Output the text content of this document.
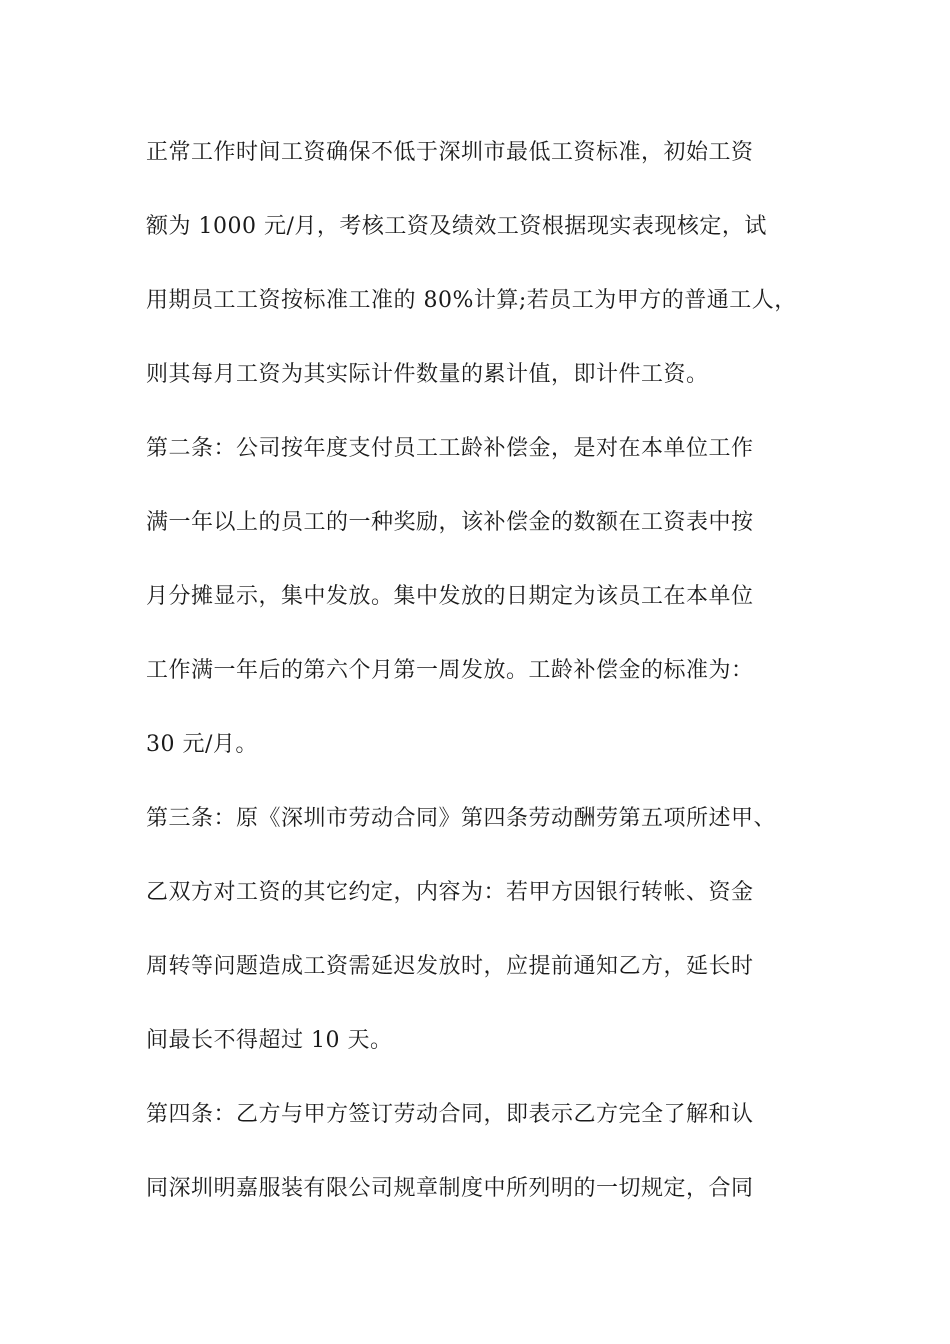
正常工作时间工资确保不低于深圳市最低工资标准，初始工资
额为 1000 元/月，考核工资及绩效工资根据现实表现核定，试
用期员工工资按标准工准的 80%计算;若员工为甲方的普通工人，
则其每月工资为其实际计件数量的累计值，即计件工资。
第二条：公司按年度支付员工工龄补偿金，是对在本单位工作
满一年以上的员工的一种奖励，该补偿金的数额在工资表中按
月分摊显示，集中发放。集中发放的日期定为该员工在本单位
工作满一年后的第六个月第一周发放。工龄补偿金的标准为：
30 元/月。
第三条：原《深圳市劳动合同》第四条劳动酬劳第五项所述甲、
乙双方对工资的其它约定，内容为：若甲方因银行转帐、资金
周转等问题造成工资需延迟发放时，应提前通知乙方，延长时
间最长不得超过 10 天。
第四条：乙方与甲方签订劳动合同，即表示乙方完全了解和认
同深圳明嘉服装有限公司规章制度中所列明的一切规定，合同
